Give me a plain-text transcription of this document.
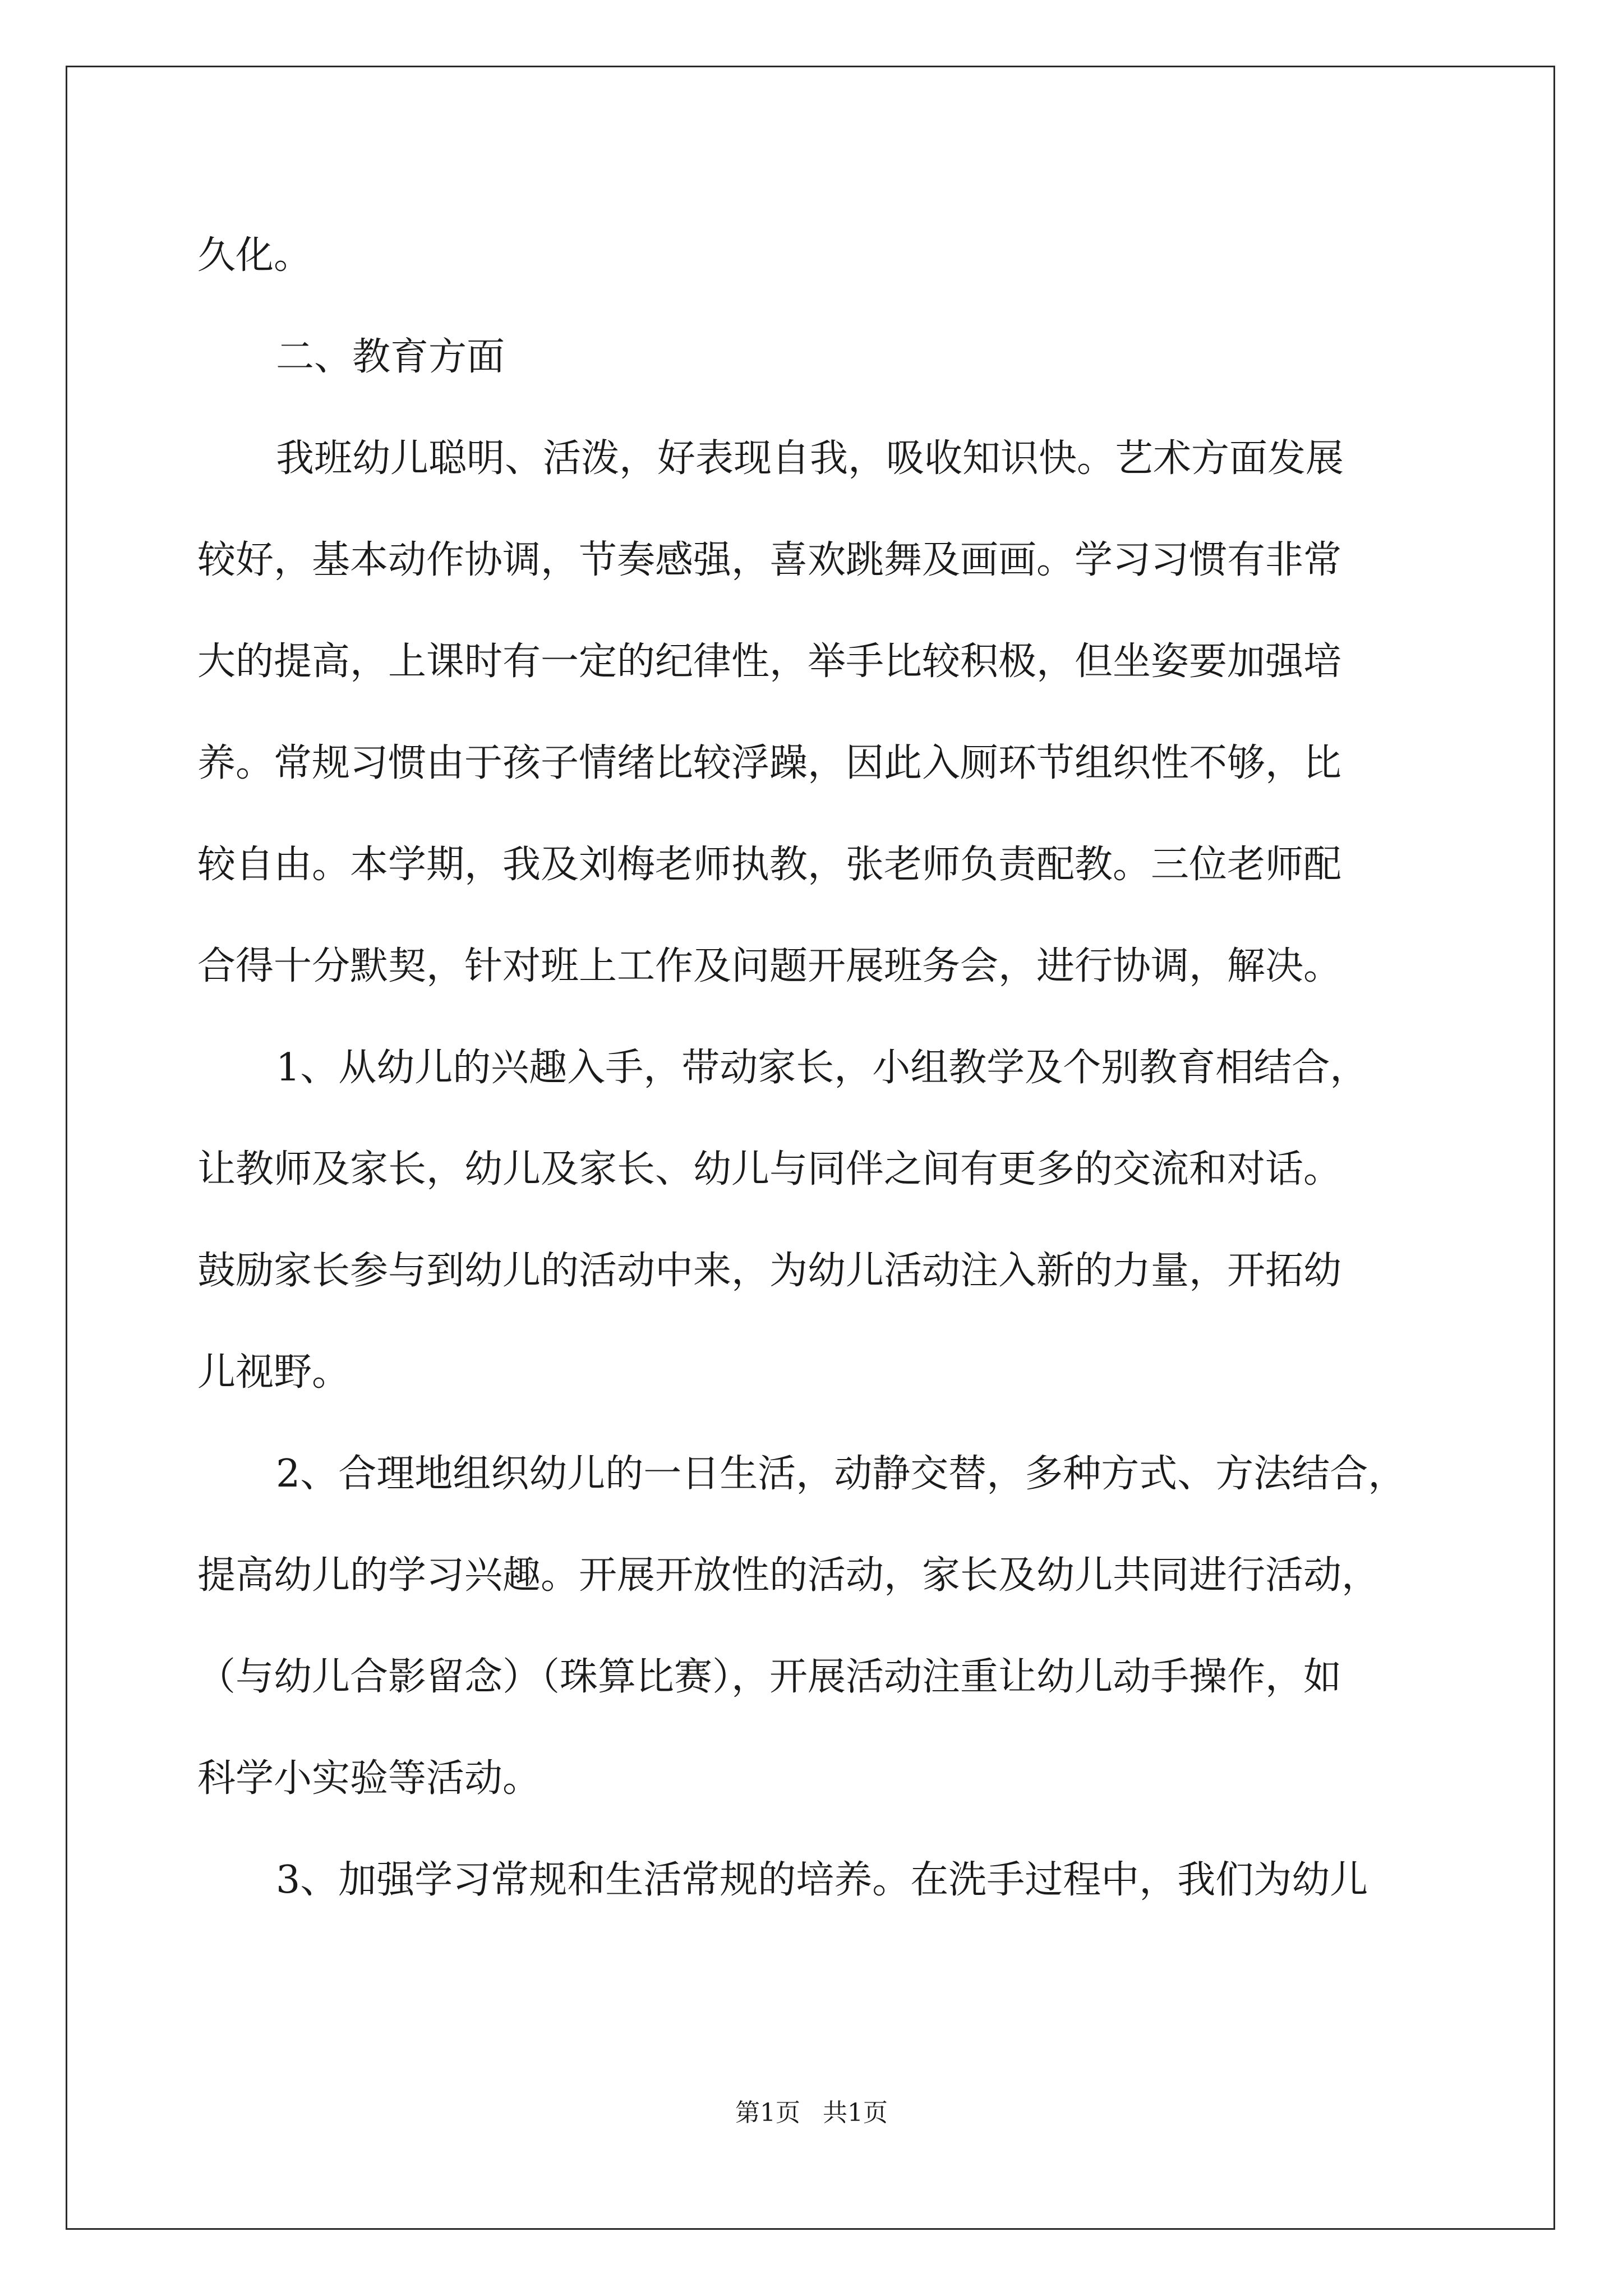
久化。

二、教育方面

我班幼儿聪明、活泼，好表现自我，吸收知识快。艺术方面发展

较好，基本动作协调，节奏感强，喜欢跳舞及画画。学习习惯有非常

大的提高，上课时有一定的纪律性，举手比较积极，但坐姿要加强培

养。常规习惯由于孩子情绪比较浮躁，因此入厕环节组织性不够，比

较自由。本学期，我及刘梅老师执教，张老师负责配教。三位老师配

合得十分默契，针对班上工作及问题开展班务会，进行协调，解决。

1、从幼儿的兴趣入手，带动家长，小组教学及个别教育相结合，

让教师及家长，幼儿及家长、幼儿与同伴之间有更多的交流和对话。

鼓励家长参与到幼儿的活动中来，为幼儿活动注入新的力量，开拓幼

儿视野。

2、合理地组织幼儿的一日生活，动静交替，多种方式、方法结合，

提高幼儿的学习兴趣。开展开放性的活动，家长及幼儿共同进行活动，

（与幼儿合影留念）（珠算比赛），开展活动注重让幼儿动手操作，如

科学小实验等活动。

3、加强学习常规和生活常规的培养。在洗手过程中，我们为幼儿

第1页 共1页
